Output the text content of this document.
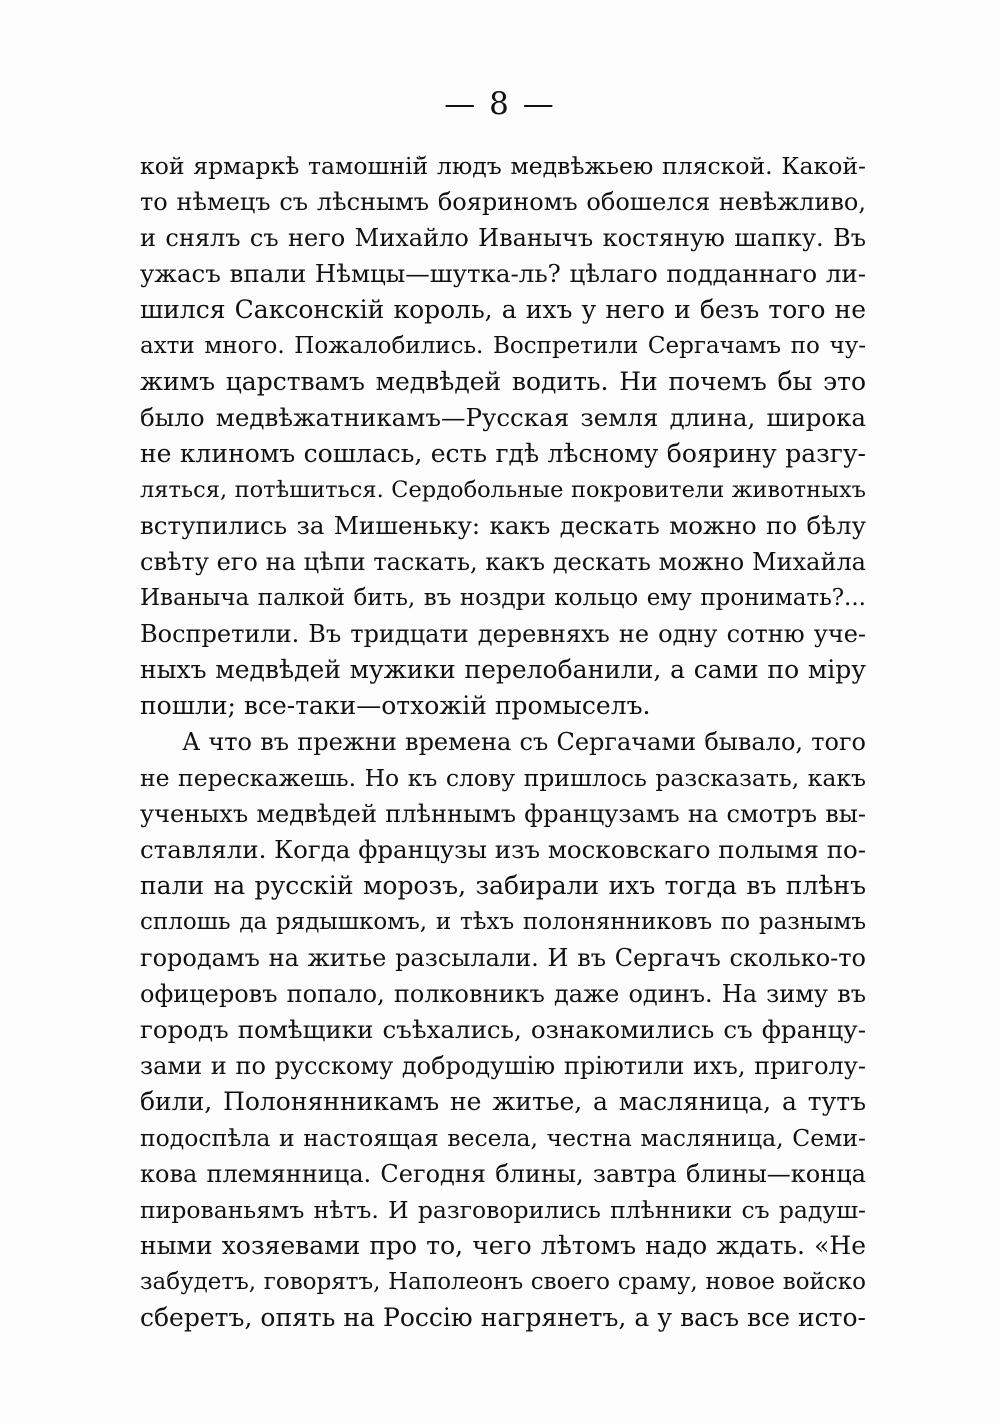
— 8 —
кой ярмаркѣ тамошній̆ людъ медвѣжьею пляской. Какой-
то нѣмецъ съ лѣснымъ бояриномъ обошелся невѣжливо,
и снялъ съ него Михайло Иванычъ костяную шапку. Въ
ужасъ впали Нѣмцы—шутка-ль? цѣлаго подданнаго ли-
шился Саксонскій король, а ихъ у него и безъ того не
ахти много. Пожалобились. Воспретили Сергачамъ по чу-
жимъ царствамъ медвѣдей водить. Ни почемъ бы это
было медвѣжатникамъ—Русская земля длина, широка
не клиномъ сошлась, есть гдѣ лѣсному боярину разгу-
ляться, потѣшиться. Сердобольные покровители животныхъ
вступились за Мишеньку: какъ дескать можно по бѣлу
свѣту его на цѣпи таскать, какъ дескать можно Михайла
Иваныча палкой бить, въ ноздри кольцо ему пронимать?...
Воспретили. Въ тридцати деревняхъ не одну сотню уче-
ныхъ медвѣдей мужики перелобанили, а сами по міру
пошли; все-таки—отхожій промыселъ.
А что въ прежни времена съ Сергачами бывало, того
не перескажешь. Но къ слову пришлось разсказать, какъ
ученыхъ медвѣдей плѣннымъ французамъ на смотръ вы-
ставляли. Когда французы изъ московскаго полымя по-
пали на русскій морозъ, забирали ихъ тогда въ плѣнъ
сплошь да рядышкомъ, и тѣхъ полонянниковъ по разнымъ
городамъ на житье разсылали. И въ Сергачъ сколько-то
офицеровъ попало, полковникъ даже одинъ. На зиму въ
городъ помѣщики съѣхались, ознакомились съ францу-
зами и по русскому добродушію пріютили ихъ, приголу-
били, Полонянникамъ не житье, а масляница, а тутъ
подоспѣла и настоящая весела, честна масляница, Семи-
кова племянница. Сегодня блины, завтра блины—конца
пированьямъ нѣтъ. И разговорились плѣнники съ радуш-
ными хозяевами про то, чего лѣтомъ надо ждать. «Не
забудетъ, говорятъ, Наполеонъ своего сраму, новое войско
сберетъ, опять на Россію нагрянетъ, а у васъ все исто-
